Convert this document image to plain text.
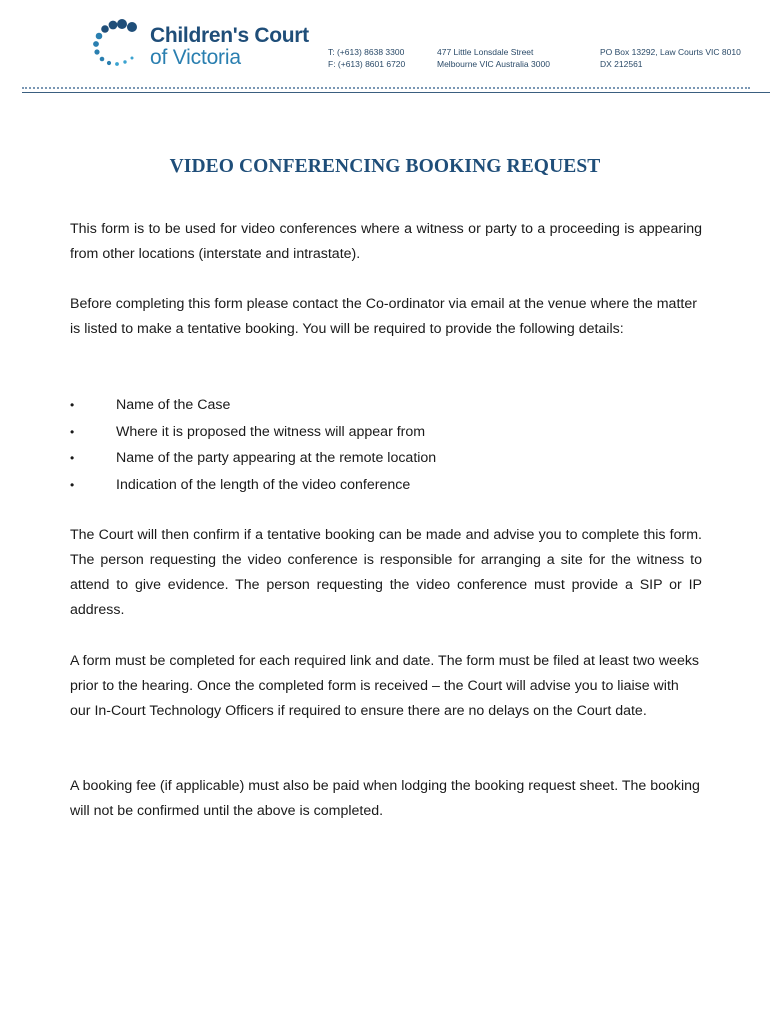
Children's Court
of Victoria	T: (+613) 8638 3300
F: (+613) 8601 6720
477 Little Lonsdale Street
Melbourne VIC Australia 3000
PO Box 13292, Law Courts VIC 8010
DX 212561
VIDEO CONFERENCING BOOKING REQUEST
This form is to be used for video conferences where a witness or party to a proceeding is appearing from other locations (interstate and intrastate).
Before completing this form please contact the Co-ordinator via email at the venue where the matter is listed to make a tentative booking. You will be required to provide the following details:
•	Name of the Case
•	Where it is proposed the witness will appear from
•	Name of the party appearing at the remote location
•	Indication of the length of the video conference
The Court will then confirm if a tentative booking can be made and advise you to complete this form. The person requesting the video conference is responsible for arranging a site for the witness to attend to give evidence. The person requesting the video conference must provide a SIP or IP address.
A form must be completed for each required link and date. The form must be filed at least two weeks prior to the hearing. Once the completed form is received – the Court will advise you to liaise with our In-Court Technology Officers if required to ensure there are no delays on the Court date.
A booking fee (if applicable) must also be paid when lodging the booking request sheet. The booking will not be confirmed until the above is completed.
